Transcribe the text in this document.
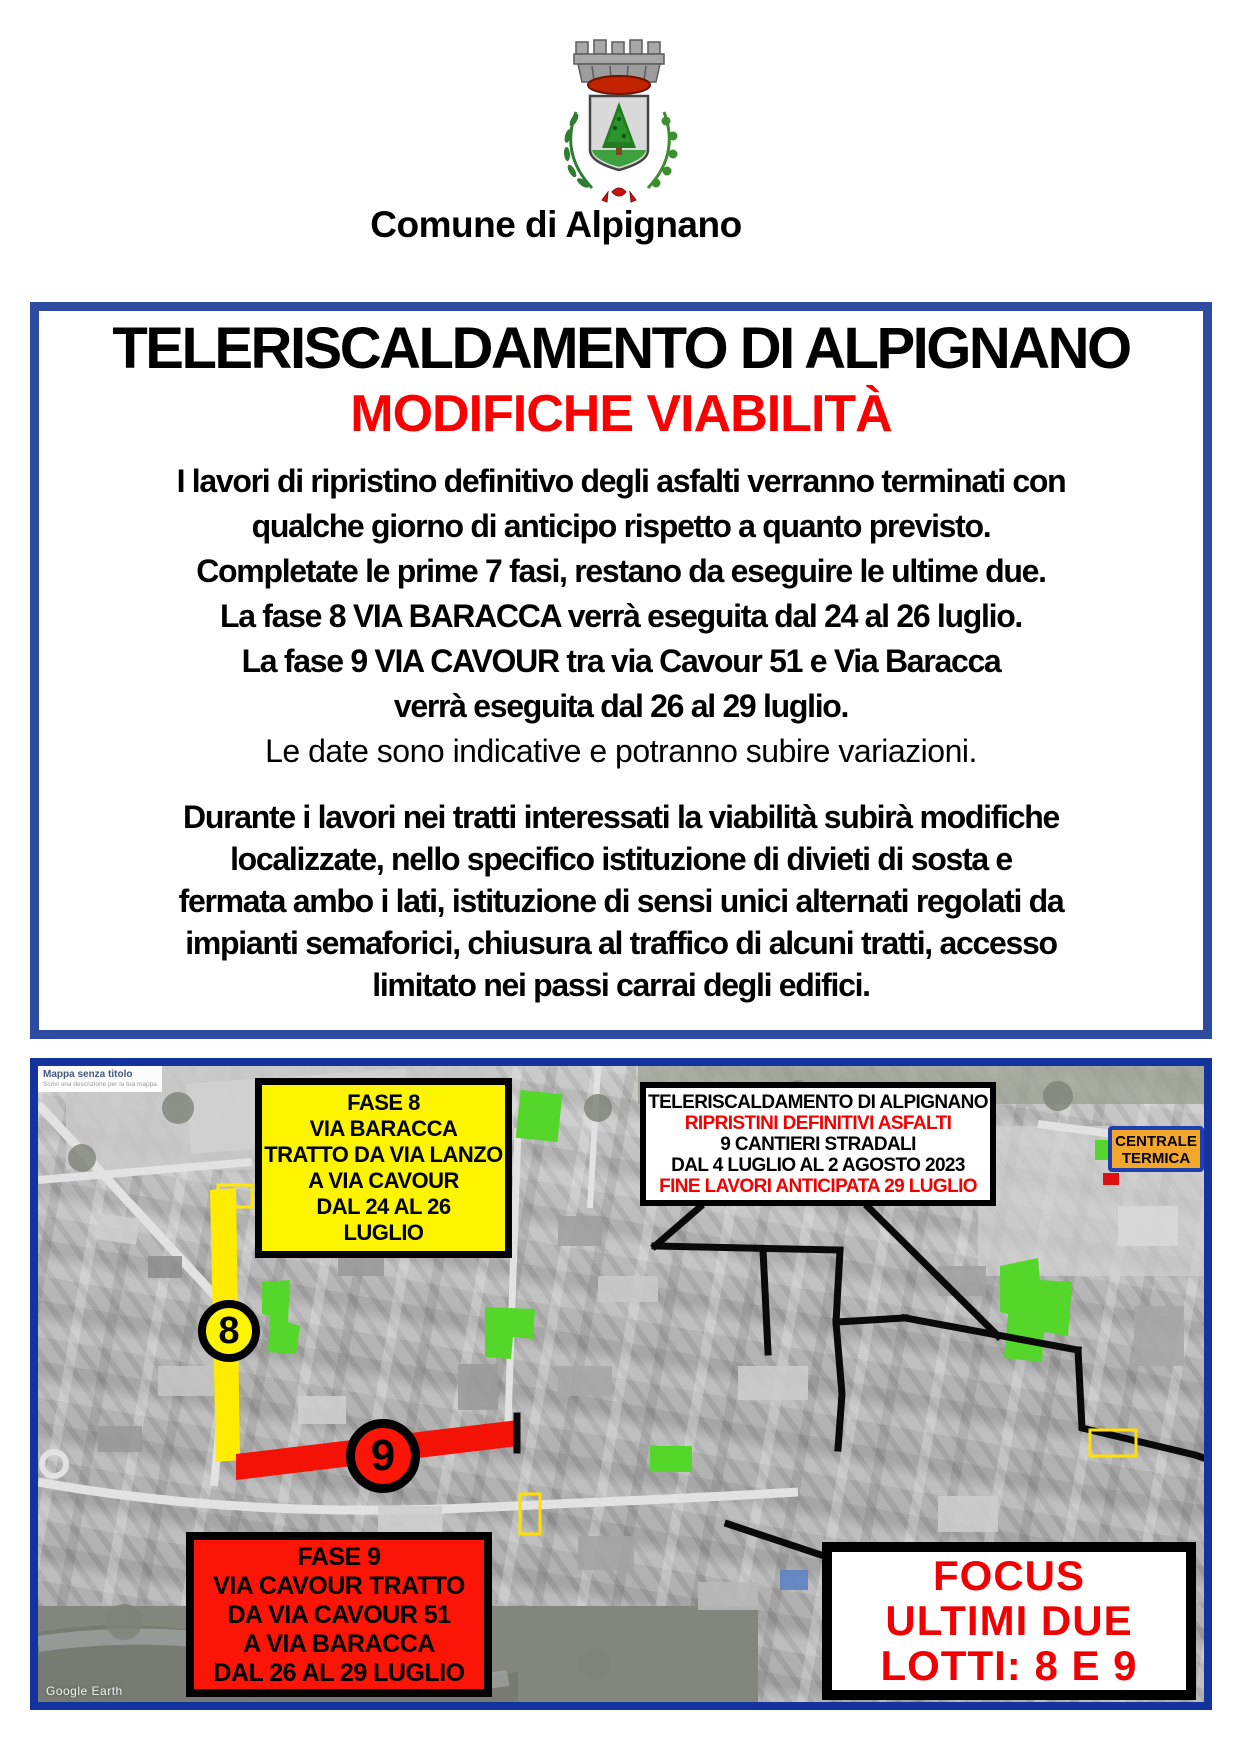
Comune di Alpignano
TELERISCALDAMENTO DI ALPIGNANO
MODIFICHE VIABILITÀ
I lavori di ripristino definitivo degli asfalti verranno terminati con
qualche giorno di anticipo rispetto a quanto previsto.
Completate le prime 7 fasi, restano da eseguire le ultime due.
La fase 8 VIA BARACCA verrà eseguita dal 24 al 26 luglio.
La fase 9 VIA CAVOUR tra via Cavour 51 e Via Baracca
verrà eseguita dal 26 al 29 luglio.
Le date sono indicative e potranno subire variazioni.
Durante i lavori nei tratti interessati la viabilità subirà modifiche
localizzate, nello specifico istituzione di divieti di sosta e
fermata ambo i lati, istituzione di sensi unici alternati regolati da
impianti semaforici, chiusura al traffico di alcuni tratti, accesso
limitato nei passi carrai degli edifici.
Mappa senza titolo
Scrivi una descrizione per la tua mappa
FASE 8
VIA BARACCA
TRATTO DA VIA LANZO
A VIA CAVOUR
DAL 24 AL 26
LUGLIO
TELERISCALDAMENTO DI ALPIGNANO
RIPRISTINI DEFINITIVI ASFALTI
9 CANTIERI STRADALI
DAL 4 LUGLIO AL 2 AGOSTO 2023
FINE LAVORI ANTICIPATA 29 LUGLIO
CENTRALE
TERMICA
8
9
FASE 9
VIA CAVOUR TRATTO
DA VIA CAVOUR 51
A VIA BARACCA
DAL 26 AL 29 LUGLIO
FOCUS
ULTIMI DUE
LOTTI: 8 E 9
Google Earth
